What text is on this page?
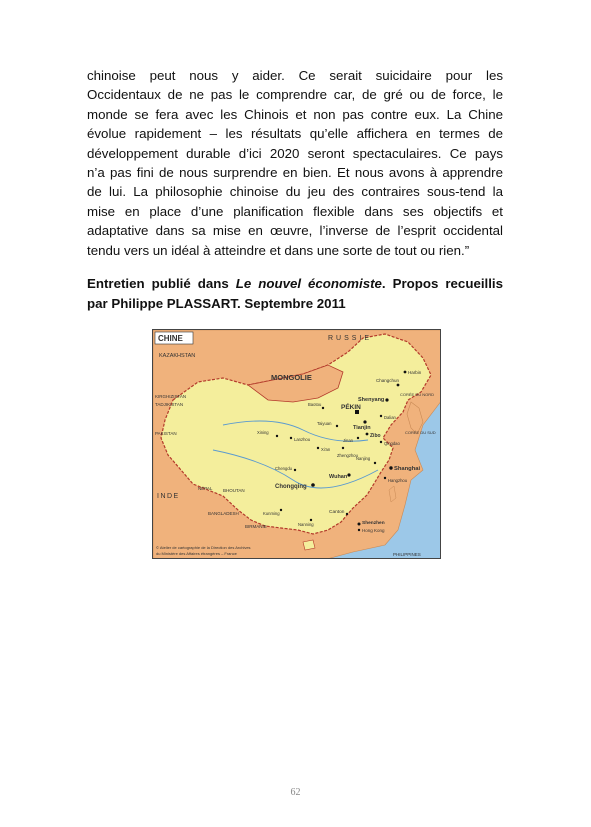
chinoise peut nous y aider. Ce serait suicidaire pour les
Occidentaux de ne pas le comprendre car, de gré ou de force, le
monde se fera avec les Chinois et non pas contre eux. La Chine
évolue rapidement – les résultats qu’elle affichera en termes de
développement durable d’ici 2020 seront spectaculaires. Ce pays
n’a pas fini de nous surprendre en bien. Et nous avons à apprendre
de lui. La philosophie chinoise du jeu des contraires sous-tend la
mise en place d’une planification flexible dans ses objectifs et
adaptative dans sa mise en œuvre, l’inverse de l’esprit occidental
tendu vers un idéal à atteindre et dans une sorte de tout ou rien.”
Entretien publié dans Le nouvel économiste. Propos recueillis
par Philippe PLASSART. Septembre 2011
CHINE	RUSSIE
KAZAKHSTAN
MONGOLIE
KIRGHIZISTAN
TADJIKISTAN
PAKISTAN
INDE
NÉPAL BHOUTAN
BANGLADESH
BIRMANIE
CORÉE DU NORD
CORÉE DU SUD
PHILIPPINES
PÉKIN
Tianjin
Shenyang
Changchun
Harbin
Dalian
Jinan
Zibo
Qingdao
Shanghai
Nanjing
Hangzhou
Wuhan
Chongqing
Chengdu
Xi'an
Lanzhou
Xining
Taiyuan
Zhengzhou
Baotou
Kunming
Nanning
Canton
Shenzhen
Hong Kong
© Atelier de cartographie de la Direction des Archives
du Ministère des Affaires étrangères – France
62
